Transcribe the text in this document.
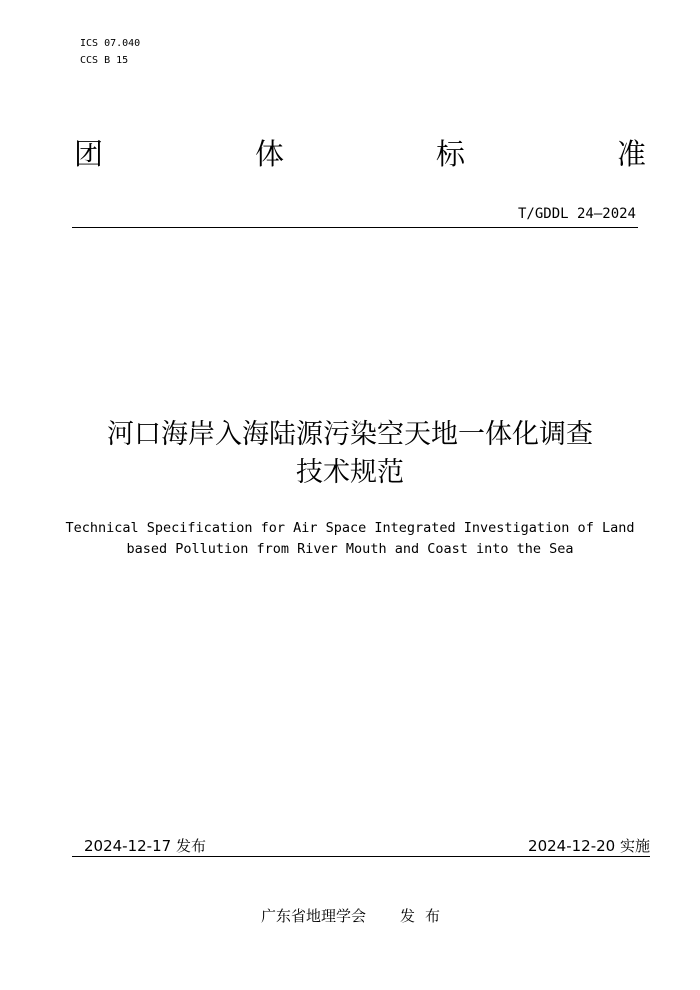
ICS 07.040
CCS B 15
团	体	标	准
T/GDDL 24—2024
河口海岸入海陆源污染空天地一体化调查
技术规范
Technical Specification for Air Space Integrated Investigation of Land
based Pollution from River Mouth and Coast into the Sea
2024-12-17 发布	2024-12-20 实施
广东省地理学会 发 布
